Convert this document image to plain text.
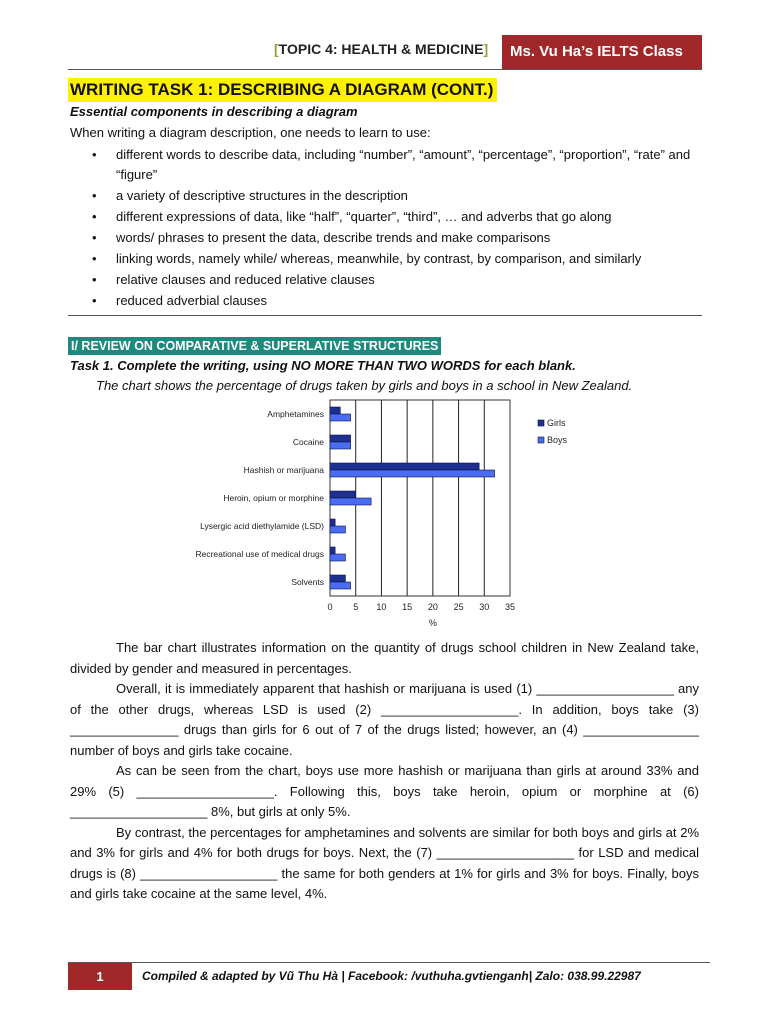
[TOPIC 4: HEALTH & MEDICINE]	Ms. Vu Ha’s IELTS Class
WRITING TASK 1: DESCRIBING A DIAGRAM (CONT.)
Essential components in describing a diagram
When writing a diagram description, one needs to learn to use:
• different words to describe data, including “number”, “amount”, “percentage”, “proportion”, “rate” and “figure”
• a variety of descriptive structures in the description
• different expressions of data, like “half”, “quarter”, “third”, … and adverbs that go along
• words/ phrases to present the data, describe trends and make comparisons
• linking words, namely while/ whereas, meanwhile, by contrast, by comparison, and similarly
• relative clauses and reduced relative clauses
• reduced adverbial clauses
I/ REVIEW ON COMPARATIVE & SUPERLATIVE STRUCTURES
Task 1. Complete the writing, using NO MORE THAN TWO WORDS for each blank.
The chart shows the percentage of drugs taken by girls and boys in a school in New Zealand.
0 5 10 15 20 25 30 35
%
Amphetamines
Cocaine
Hashish or marijuana
Heroin, opium or morphine
Lysergic acid diethylamide (LSD)
Recreational use of medical drugs
Solvents
Girls
Boys

The bar chart illustrates information on the quantity of drugs school children in New Zealand take, divided by gender and measured in percentages.

Overall, it is immediately apparent that hashish or marijuana is used (1) ___________________ any of the other drugs, whereas LSD is used (2) ___________________. In addition, boys take (3) _______________ drugs than girls for 6 out of 7 of the drugs listed; however, an (4) ________________ number of boys and girls take cocaine.

As can be seen from the chart, boys use more hashish or marijuana than girls at around 33% and 29% (5) ___________________. Following this, boys take heroin, opium or morphine at (6) ___________________ 8%, but girls at only 5%.

By contrast, the percentages for amphetamines and solvents are similar for both boys and girls at 2% and 3% for girls and 4% for both drugs for boys. Next, the (7) ___________________ for LSD and medical drugs is (8) ___________________ the same for both genders at 1% for girls and 3% for boys. Finally, boys and girls take cocaine at the same level, 4%.

1	Compiled & adapted by Vũ Thu Hà | Facebook: /vuthuha.gvtienganh| Zalo: 038.99.22987
